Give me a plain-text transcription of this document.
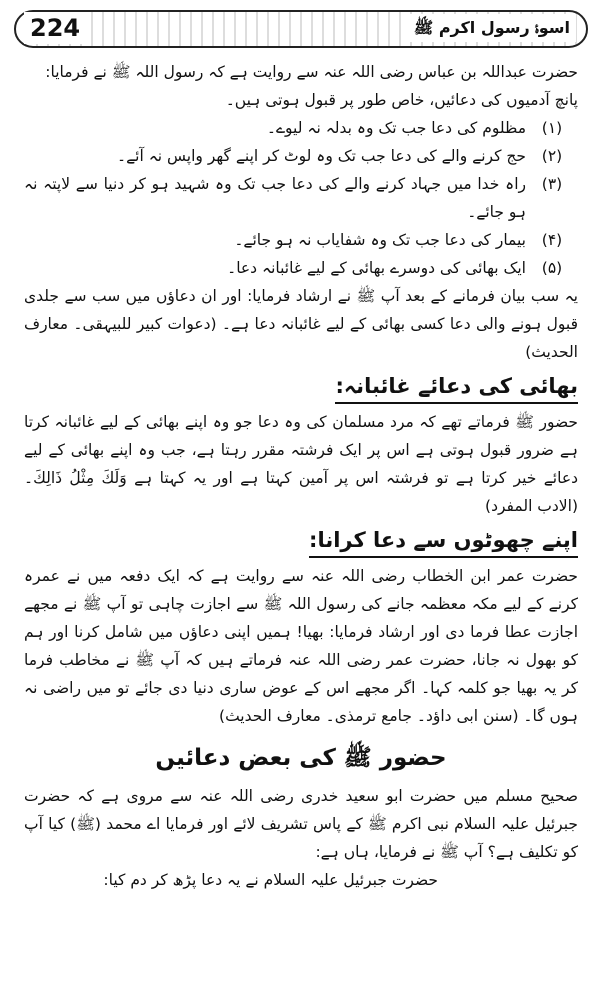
224	اسوۂ رسول اکرم ﷺ

حضرت عبداللہ بن عباس رضی اللہ عنہ سے روایت ہے کہ رسول اللہ ﷺ نے فرمایا:

پانچ آدمیوں کی دعائیں، خاص طور پر قبول ہوتی ہیں۔

(۱)
مظلوم کی دعا جب تک وہ بدلہ نہ لیوے۔
(۲)
حج کرنے والے کی دعا جب تک وہ لوٹ کر اپنے گھر واپس نہ آئے۔
(۳)
راہ خدا میں جہاد کرنے والے کی دعا جب تک وہ شہید ہو کر دنیا سے لاپتہ نہ ہو جائے۔
(۴)
بیمار کی دعا جب تک وہ شفایاب نہ ہو جائے۔
(۵)
ایک بھائی کی دوسرے بھائی کے لیے غائبانہ دعا۔

یہ سب بیان فرمانے کے بعد آپ ﷺ نے ارشاد فرمایا: اور ان دعاؤں میں سب سے جلدی قبول ہونے والی دعا کسی بھائی کے لیے غائبانہ دعا ہے۔ (دعوات کبیر للبیہقی۔ معارف الحدیث)

بھائی کی دعائے غائبانہ:

حضور ﷺ فرماتے تھے کہ مرد مسلمان کی وہ دعا جو وہ اپنے بھائی کے لیے غائبانہ کرتا ہے ضرور قبول ہوتی ہے اس پر ایک فرشتہ مقرر رہتا ہے، جب وہ اپنے بھائی کے لیے دعائے خیر کرتا ہے تو فرشتہ اس پر آمین کہتا ہے اور یہ کہتا ہے وَلَكَ مِثْلُ ذَالِكَ۔ (الادب المفرد)

اپنے چھوٹوں سے دعا کرانا:

حضرت عمر ابن الخطاب رضی اللہ عنہ سے روایت ہے کہ ایک دفعہ میں نے عمرہ کرنے کے لیے مکہ معظمہ جانے کی رسول اللہ ﷺ سے اجازت چاہی تو آپ ﷺ نے مجھے اجازت عطا فرما دی اور ارشاد فرمایا: بھیا! ہمیں اپنی دعاؤں میں شامل کرنا اور ہم کو بھول نہ جانا، حضرت عمر رضی اللہ عنہ فرماتے ہیں کہ آپ ﷺ نے مخاطب فرما کر یہ بھیا جو کلمہ کہا۔ اگر مجھے اس کے عوض ساری دنیا دی جائے تو میں راضی نہ ہوں گا۔ (سنن ابی داؤد۔ جامع ترمذی۔ معارف الحدیث)

حضور ﷺ کی بعض دعائیں

صحیح مسلم میں حضرت ابو سعید خدری رضی اللہ عنہ سے مروی ہے کہ حضرت جبرئیل علیہ السلام نبی اکرم ﷺ کے پاس تشریف لائے اور فرمایا اے محمد (ﷺ) کیا آپ کو تکلیف ہے؟ آپ ﷺ نے فرمایا، ہاں ہے:

حضرت جبرئیل علیہ السلام نے یہ دعا پڑھ کر دم کیا:
